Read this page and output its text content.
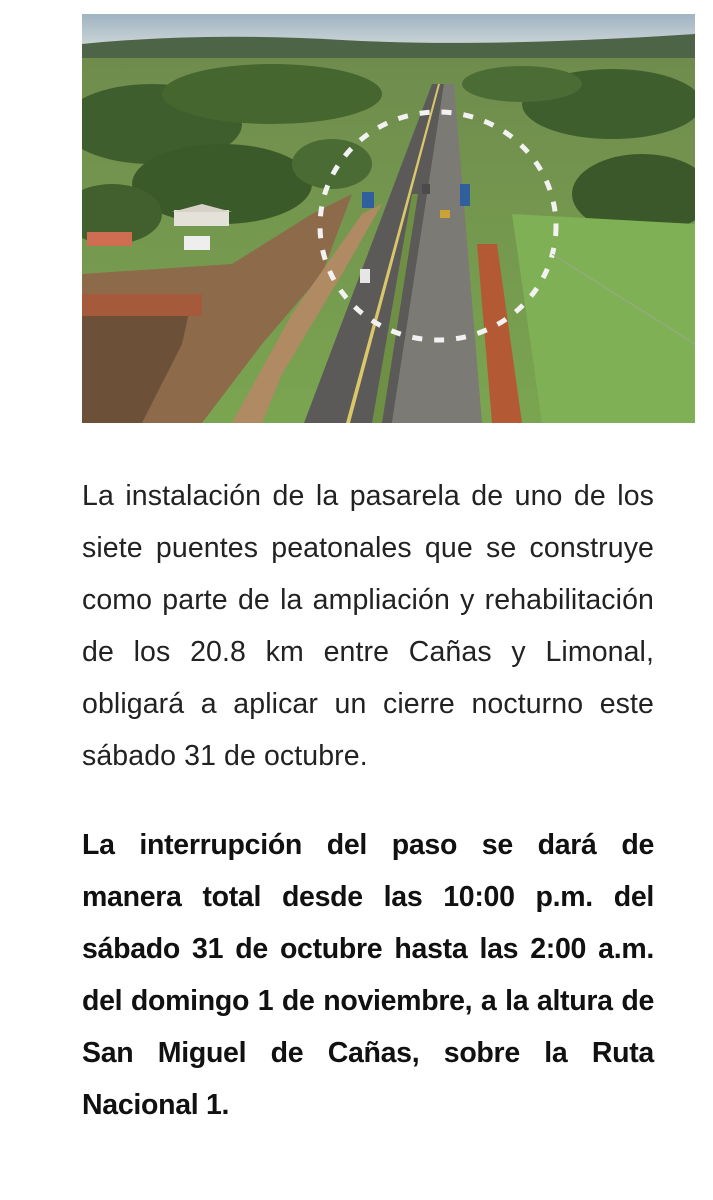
La instalación de la pasarela de uno de los siete puentes peatonales que se construye como parte de la ampliación y rehabilitación de los 20.8 km entre Cañas y Limonal, obligará a aplicar un cierre nocturno este sábado 31 de octubre.

La interrupción del paso se dará de manera total desde las 10:00 p.m. del sábado 31 de octubre hasta las 2:00 a.m. del domingo 1 de noviembre, a la altura de San Miguel de Cañas, sobre la Ruta Nacional 1.
